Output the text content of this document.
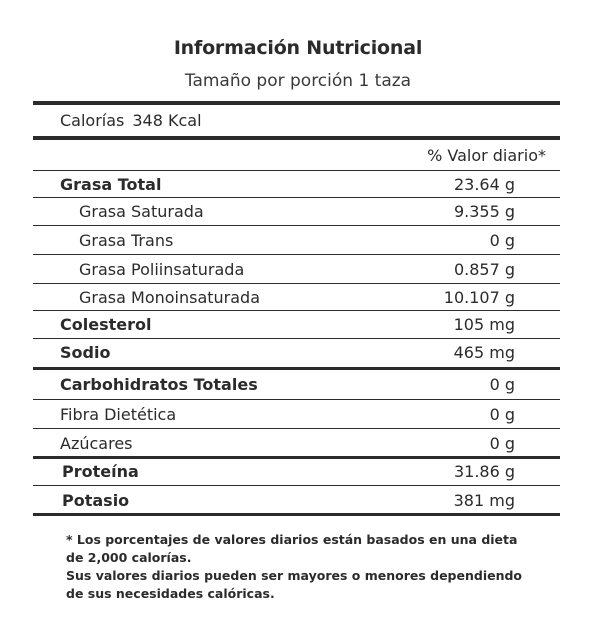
Información Nutricional
Tamaño por porción 1 taza
Calorías 348 Kcal
% Valor diario*
Grasa Total	23.64 g
Grasa Saturada	9.355 g
Grasa Trans	0 g
Grasa Poliinsaturada	0.857 g
Grasa Monoinsaturada	10.107 g
Colesterol	105 mg
Sodio	465 mg
Carbohidratos Totales	0 g
Fibra Dietética	0 g
Azúcares	0 g
Proteína	31.86 g
Potasio	381 mg
* Los porcentajes de valores diarios están basados en una dieta
de 2,000 calorías.
Sus valores diarios pueden ser mayores o menores dependiendo
de sus necesidades calóricas.
